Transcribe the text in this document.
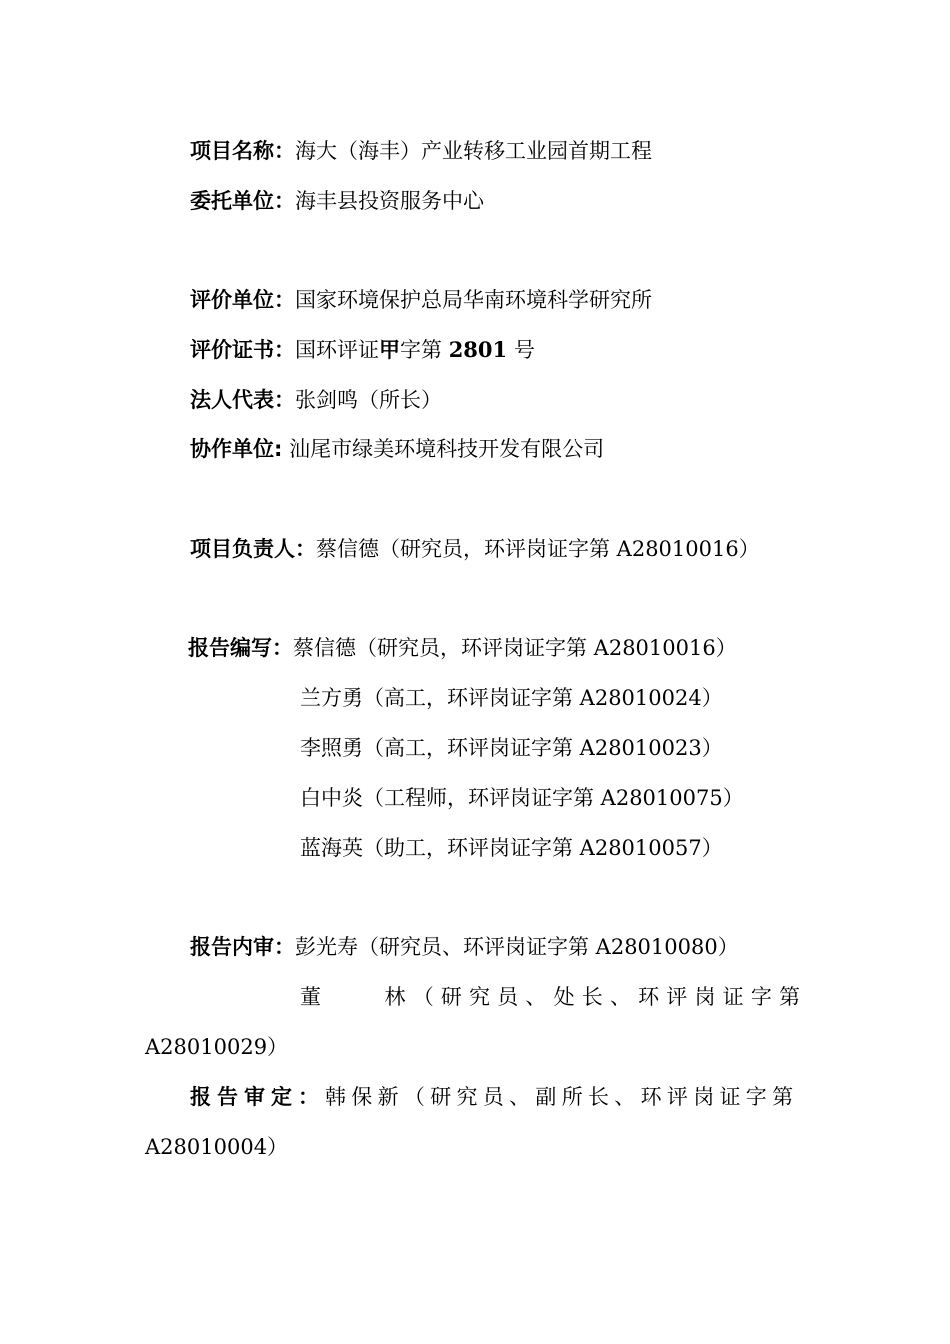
项目名称：海大（海丰）产业转移工业园首期工程
委托单位：海丰县投资服务中心
评价单位：国家环境保护总局华南环境科学研究所
评价证书：国环评证甲字第 2801 号
法人代表：张剑鸣（所长）
协作单位: 汕尾市绿美环境科技开发有限公司
项目负责人：蔡信德（研究员，环评岗证字第 A28010016）
报告编写：蔡信德（研究员，环评岗证字第 A28010016）
兰方勇（高工，环评岗证字第 A28010024）
李照勇（高工，环评岗证字第 A28010023）
白中炎（工程师，环评岗证字第 A28010075）
蓝海英（助工，环评岗证字第 A28010057）
报告内审：彭光寿（研究员、环评岗证字第 A28010080）
董　　林（研究员、处长、环评岗证字第
A28010029）
报告审定：韩保新（研究员、副所长、环评岗证字第
A28010004）
